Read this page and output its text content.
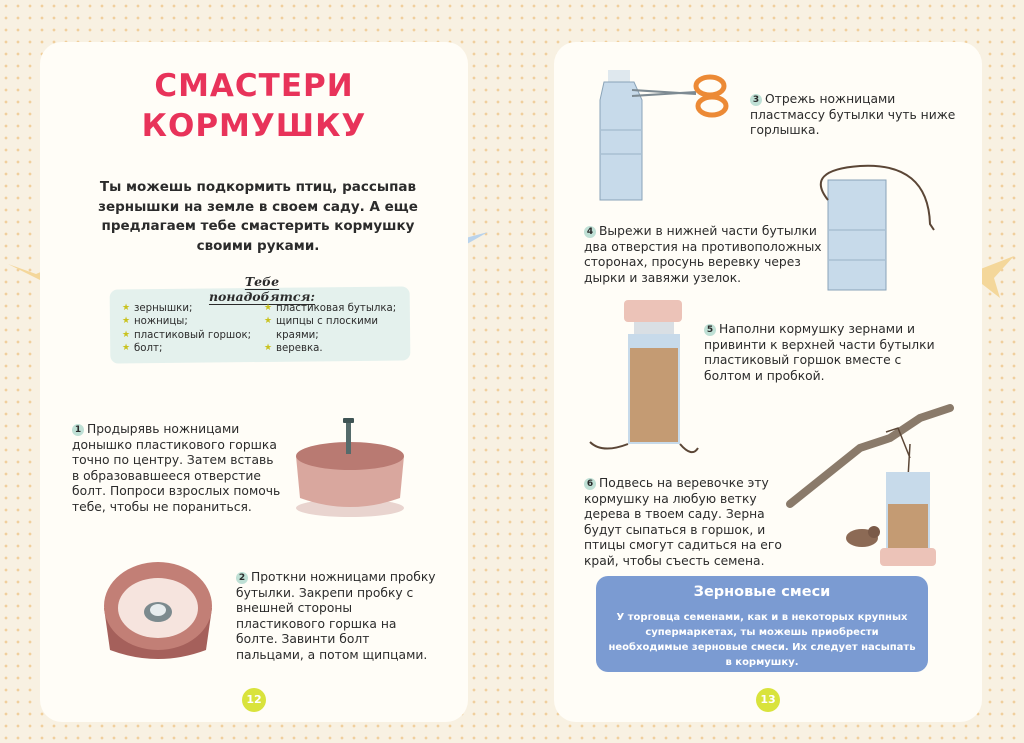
СМАСТЕРИ
КОРМУШКУ
Ты можешь подкормить птиц, рассыпав зернышки на земле в своем саду. А еще предлагаем тебе смастерить кормушку своими руками.
Тебе понадобятся:
★ зернышки;
★ ножницы;
★ пластиковый горшок;
★ болт;
★ пластиковая бутылка;
★ щипцы с плоскими краями;
★ веревка.
1 Продырявь ножницами донышко пластикового горшка точно по центру. Затем вставь в образовавшееся отверстие болт. Попроси взрослых помочь тебе, чтобы не пораниться.
2 Проткни ножницами пробку бутылки. Закрепи пробку с внешней стороны пластикового горшка на болте. Завинти болт пальцами, а потом щипцами.
12
3 Отрежь ножницами пластмассу бутылки чуть ниже горлышка.
4 Вырежи в нижней части бутылки два отверстия на противоположных сторонах, просунь веревку через дырки и завяжи узелок.
5 Наполни кормушку зернами и привинти к верхней части бутылки пластиковый горшок вместе с болтом и пробкой.
6 Подвесь на веревочке эту кормушку на любую ветку дерева в твоем саду. Зерна будут сыпаться в горшок, и птицы смогут садиться на его край, чтобы съесть семена.
Зерновые смеси
У торговца семенами, как и в некоторых крупных супермаркетах, ты можешь приобрести необходимые зерновые смеси. Их следует насыпать в кормушку.
13
